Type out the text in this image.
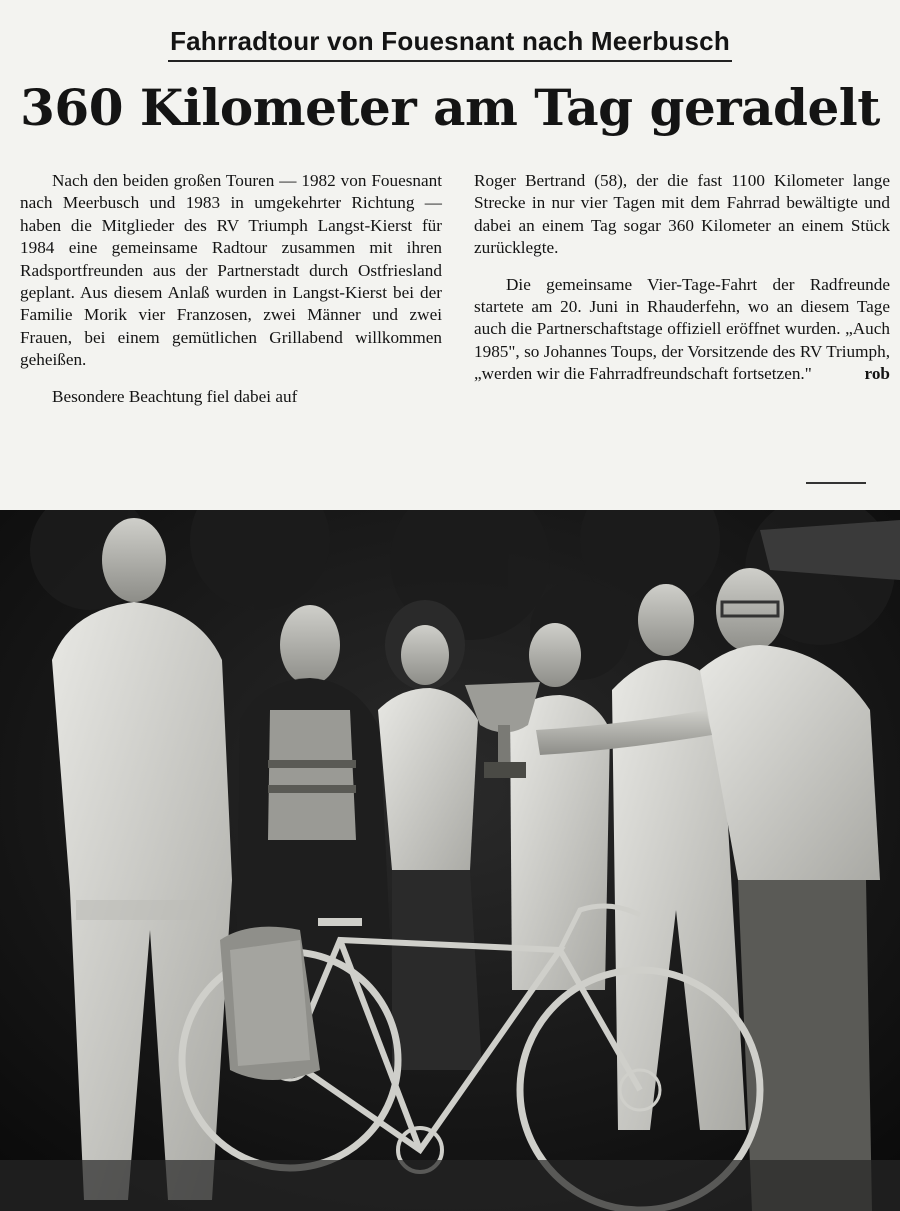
Fahrradtour von Fouesnant nach Meerbusch
360 Kilometer am Tag geradelt

Nach den beiden großen Touren — 1982 von Fouesnant nach Meerbusch und 1983 in umgekehrter Richtung — haben die Mitglieder des RV Triumph Langst-Kierst für 1984 eine gemeinsame Radtour zusammen mit ihren Radsportfreunden aus der Partnerstadt durch Ostfriesland geplant. Aus diesem Anlaß wurden in Langst-Kierst bei der Familie Morik vier Franzosen, zwei Männer und zwei Frauen, bei einem gemütlichen Grillabend willkommen geheißen.

Besondere Beachtung fiel dabei auf

Roger Bertrand (58), der die fast 1100 Kilometer lange Strecke in nur vier Tagen mit dem Fahrrad bewältigte und dabei an einem Tag sogar 360 Kilometer an einem Stück zurücklegte.

Die gemeinsame Vier-Tage-Fahrt der Radfreunde startete am 20. Juni in Rhauderfehn, wo an diesem Tage auch die Partnerschaftstage offiziell eröffnet wurden. „Auch 1985", so Johannes Toups, der Vorsitzende des RV Triumph, „werden wir die Fahrradfreundschaft fortsetzen."	rob
